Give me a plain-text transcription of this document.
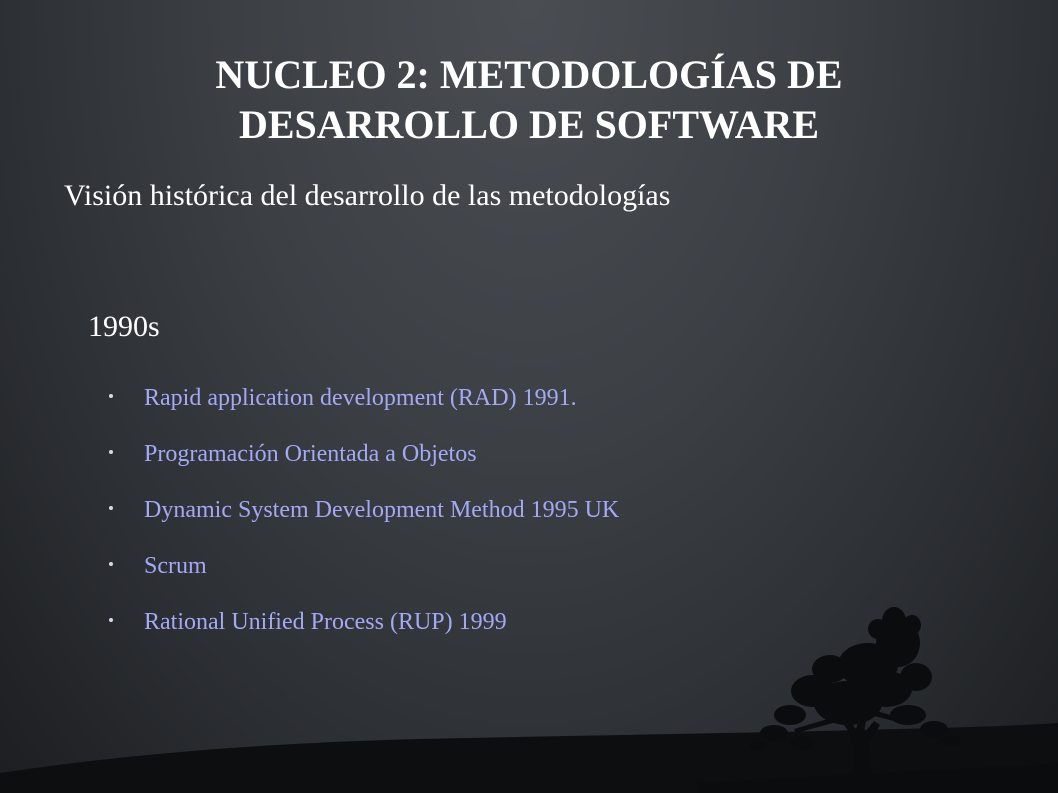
NUCLEO 2: METODOLOGÍAS DE
DESARROLLO DE SOFTWARE

Visión histórica del desarrollo de las metodologías

1990s

Rapid application development (RAD) 1991.
Programación Orientada a Objetos
Dynamic System Development Method 1995 UK
Scrum
Rational Unified Process (RUP) 1999
